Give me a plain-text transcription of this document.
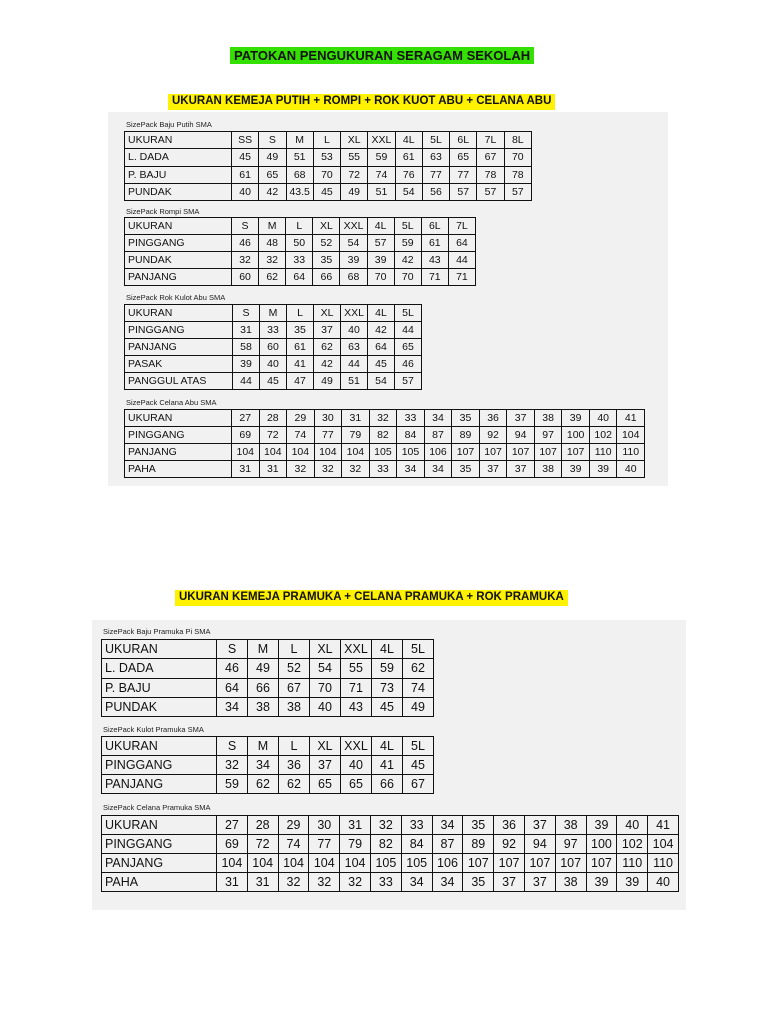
PATOKAN PENGUKURAN SERAGAM SEKOLAH
UKURAN KEMEJA PUTIH + ROMPI + ROK KUOT ABU + CELANA ABU
SizePack Baju Putih SMA
UKURAN	SS	S	M	L	XL	XXL	4L	5L	6L	7L	8L
L. DADA	45	49	51	53	55	59	61	63	65	67	70
P. BAJU	61	65	68	70	72	74	76	77	77	78	78
PUNDAK	40	42	43.5	45	49	51	54	56	57	57	57
SizePack Rompi SMA
UKURAN	S	M	L	XL	XXL	4L	5L	6L	7L
PINGGANG	46	48	50	52	54	57	59	61	64
PUNDAK	32	32	33	35	39	39	42	43	44
PANJANG	60	62	64	66	68	70	70	71	71
SizePack Rok Kulot Abu SMA
UKURAN	S	M	L	XL	XXL	4L	5L
PINGGANG	31	33	35	37	40	42	44
PANJANG	58	60	61	62	63	64	65
PASAK	39	40	41	42	44	45	46
PANGGUL ATAS	44	45	47	49	51	54	57
SizePack Celana Abu SMA
UKURAN	27	28	29	30	31	32	33	34	35	36	37	38	39	40	41
PINGGANG	69	72	74	77	79	82	84	87	89	92	94	97	100	102	104
PANJANG	104	104	104	104	104	105	105	106	107	107	107	107	107	110	110
PAHA	31	31	32	32	32	33	34	34	35	37	37	38	39	39	40
UKURAN KEMEJA PRAMUKA + CELANA PRAMUKA + ROK PRAMUKA
SizePack Baju Pramuka Pi SMA
UKURAN	S	M	L	XL	XXL	4L	5L
L. DADA	46	49	52	54	55	59	62
P. BAJU	64	66	67	70	71	73	74
PUNDAK	34	38	38	40	43	45	49
SizePack Kulot Pramuka SMA
UKURAN	S	M	L	XL	XXL	4L	5L
PINGGANG	32	34	36	37	40	41	45
PANJANG	59	62	62	65	65	66	67
SizePack Celana Pramuka SMA
UKURAN	27	28	29	30	31	32	33	34	35	36	37	38	39	40	41
PINGGANG	69	72	74	77	79	82	84	87	89	92	94	97	100	102	104
PANJANG	104	104	104	104	104	105	105	106	107	107	107	107	107	110	110
PAHA	31	31	32	32	32	33	34	34	35	37	37	38	39	39	40
